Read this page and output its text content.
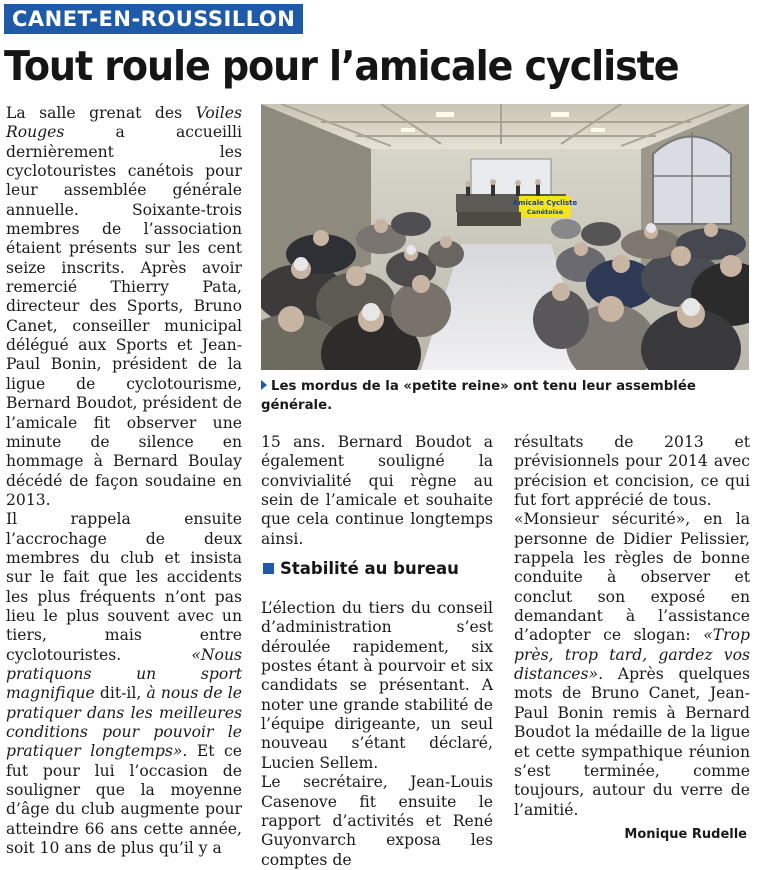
CANET-EN-ROUSSILLON
Tout roule pour l’amicale cycliste

La salle grenat des Voiles Rouges a accueilli dernièrement les cyclotouristes canétois pour leur assemblée générale annuelle. Soixante-trois membres de l’association étaient présents sur les cent seize inscrits. Après avoir remercié Thierry Pata, directeur des Sports, Bruno Canet, conseiller municipal délégué aux Sports et Jean-Paul Bonin, président de la ligue de cyclotourisme, Bernard Boudot, président de l’amicale fit observer une minute de silence en hommage à Bernard Boulay décédé de façon soudaine en 2013.

Il rappela ensuite l’accrochage de deux membres du club et insista sur le fait que les accidents les plus fréquents n’ont pas lieu le plus souvent avec un tiers, mais entre cyclotouristes. «Nous pratiquons un sport magnifique dit-il, à nous de le pratiquer dans les meilleures conditions pour pouvoir le pratiquer longtemps». Et ce fut pour lui l’occasion de souligner que la moyenne d’âge du club augmente pour atteindre 66 ans cette année, soit 10 ans de plus qu’il y a

Amicale Cycliste
Canétoise
Les mordus de la «petite reine» ont tenu leur assemblée générale.

15 ans. Bernard Boudot a également souligné la convivialité qui règne au sein de l’amicale et souhaite que cela continue longtemps ainsi.

Stabilité au bureau

L’élection du tiers du conseil d’administration s’est déroulée rapidement, six postes étant à pourvoir et six candidats se présentant. A noter une grande stabilité de l’équipe dirigeante, un seul nouveau s’étant déclaré, Lucien Sellem.

Le secrétaire, Jean-Louis Casenove fit ensuite le rapport d’activités et René Guyonvarch exposa les comptes de

résultats de 2013 et prévisionnels pour 2014 avec précision et concision, ce qui fut fort apprécié de tous.

«Monsieur sécurité», en la personne de Didier Pelissier, rappela les règles de bonne conduite à observer et conclut son exposé en demandant à l’assistance d’adopter ce slogan: «Trop près, trop tard, gardez vos distances». Après quelques mots de Bruno Canet, Jean-Paul Bonin remis à Bernard Boudot la médaille de la ligue et cette sympathique réunion s’est terminée, comme toujours, autour du verre de l’amitié.

Monique Rudelle
